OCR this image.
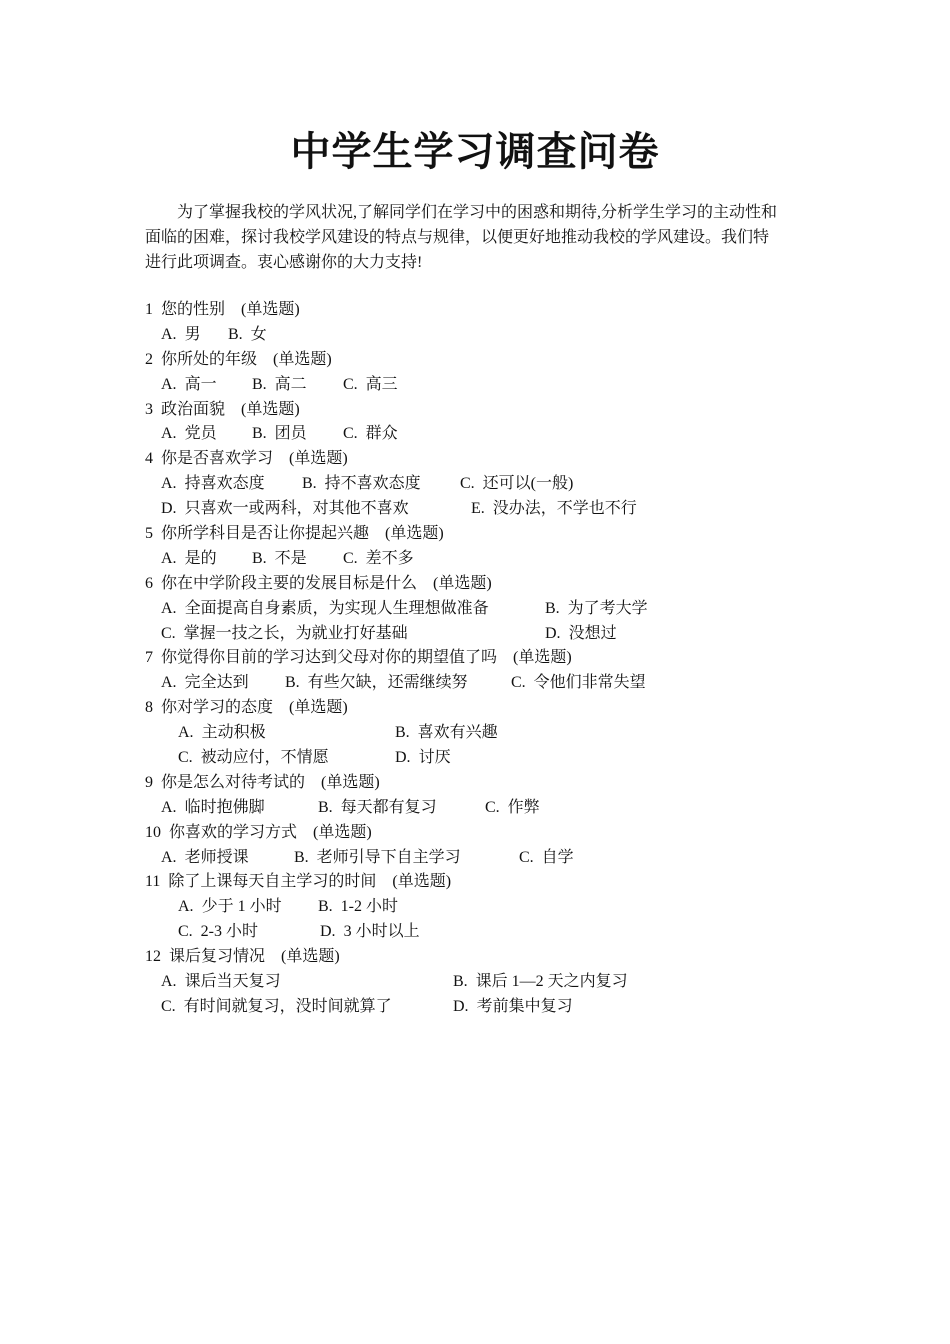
中学生学习调查问卷
为了掌握我校的学风状况,了解同学们在学习中的困惑和期待,分析学生学习的主动性和
面临的困难，探讨我校学风建设的特点与规律，以便更好地推动我校的学风建设。我们特
进行此项调查。衷心感谢你的大力支持!
1 您的性别 (单选题)
A. 男 B. 女
2 你所处的年级 (单选题)
A. 高一 B. 高二 C. 高三
3 政治面貌 (单选题)
A. 党员 B. 团员 C. 群众
4 你是否喜欢学习 (单选题)
A. 持喜欢态度 B. 持不喜欢态度 C. 还可以(一般)
D. 只喜欢一或两科，对其他不喜欢	E. 没办法，不学也不行
5 你所学科目是否让你提起兴趣 (单选题)
A. 是的 B. 不是 C. 差不多
6 你在中学阶段主要的发展目标是什么 (单选题)
A. 全面提高自身素质，为实现人生理想做准备	B. 为了考大学
C. 掌握一技之长，为就业打好基础	D. 没想过
7 你觉得你目前的学习达到父母对你的期望值了吗 (单选题)
A. 完全达到 B. 有些欠缺，还需继续努	C. 令他们非常失望
8 你对学习的态度 (单选题)
A. 主动积极	B. 喜欢有兴趣
C. 被动应付，不情愿	D. 讨厌
9 你是怎么对待考试的 (单选题)
A. 临时抱佛脚	B. 每天都有复习	C. 作弊
10 你喜欢的学习方式 (单选题)
A. 老师授课	B. 老师引导下自主学习	C. 自学
11 除了上课每天自主学习的时间 (单选题)
A. 少于 1 小时 B. 1-2 小时
C. 2-3 小时	D. 3 小时以上
12 课后复习情况 (单选题)
A. 课后当天复习	B. 课后 1—2 天之内复习
C. 有时间就复习，没时间就算了	D. 考前集中复习
